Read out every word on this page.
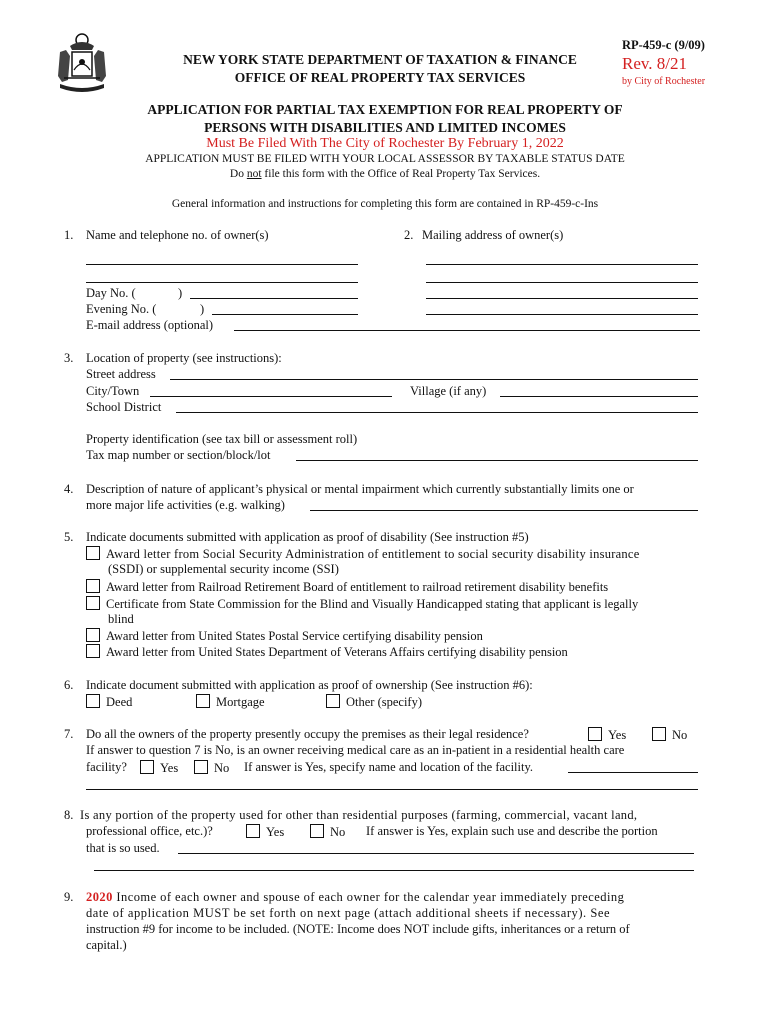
NEW YORK STATE DEPARTMENT OF TAXATION & FINANCE
OFFICE OF REAL PROPERTY TAX SERVICES
RP-459-c (9/09)
Rev. 8/21
by City of Rochester
APPLICATION FOR PARTIAL TAX EXEMPTION FOR REAL PROPERTY OF
PERSONS WITH DISABILITIES AND LIMITED INCOMES
Must Be Filed With The City of Rochester By February 1, 2022
APPLICATION MUST BE FILED WITH YOUR LOCAL ASSESSOR BY TAXABLE STATUS DATE
Do not file this form with the Office of Real Property Tax Services.
General information and instructions for completing this form are contained in RP-459-c-Ins
1. Name and telephone no. of owner(s)	2. Mailing address of owner(s)
Day No. (	)
Evening No. (	)
E-mail address (optional)
3. Location of property (see instructions):
Street address
City/Town	Village (if any)
School District
Property identification (see tax bill or assessment roll)
Tax map number or section/block/lot
4. Description of nature of applicant’s physical or mental impairment which currently substantially limits one or
more major life activities (e.g. walking)
5. Indicate documents submitted with application as proof of disability (See instruction #5)
Award letter from Social Security Administration of entitlement to social security disability insurance
(SSDI) or supplemental security income (SSI)
Award letter from Railroad Retirement Board of entitlement to railroad retirement disability benefits
Certificate from State Commission for the Blind and Visually Handicapped stating that applicant is legally
blind
Award letter from United States Postal Service certifying disability pension
Award letter from United States Department of Veterans Affairs certifying disability pension
6. Indicate document submitted with application as proof of ownership (See instruction #6):
Deed	Mortgage	Other (specify)
7. Do all the owners of the property presently occupy the premises as their legal residence?	Yes	No
If answer to question 7 is No, is an owner receiving medical care as an in-patient in a residential health care
facility?	Yes	No If answer is Yes, specify name and location of the facility.
8. Is any portion of the property used for other than residential purposes (farming, commercial, vacant land,
professional office, etc.)?	Yes	No If answer is Yes, explain such use and describe the portion
that is so used.
9. 2020 Income of each owner and spouse of each owner for the calendar year immediately preceding
date of application MUST be set forth on next page (attach additional sheets if necessary). See
instruction #9 for income to be included. (NOTE: Income does NOT include gifts, inheritances or a return of
capital.)
